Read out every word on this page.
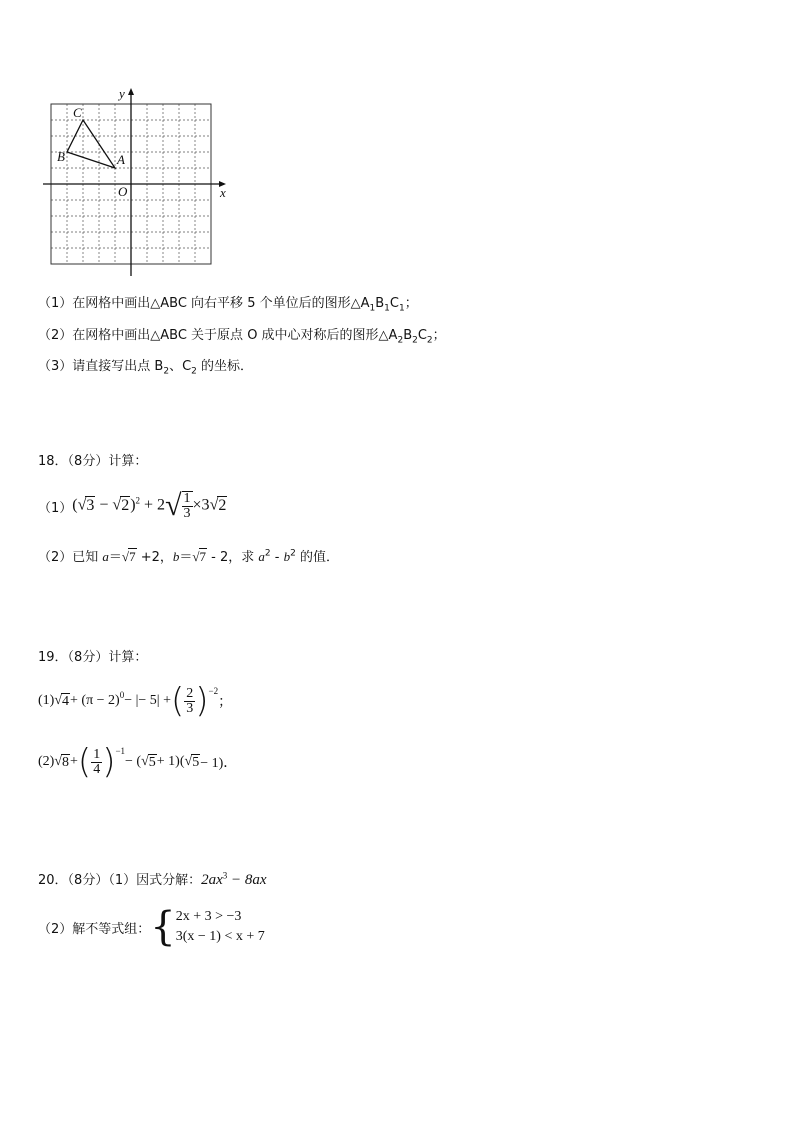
y
x
O
A
B
C
（1）在网格中画出△ABC 向右平移 5 个单位后的图形$\triangle A_1B_1C_1$；
（2）在网格中画出△ABC 关于原点 O 成中心对称后的图形$\triangle A_2B_2C_2$；
（3）请直接写出点 $B_2$、$C_2$ 的坐标．
18．（8分）计算：
（1） $(√3 - √2)^2 + 2√ \frac{1}{3} \times 3√2$
（2）已知 a＝√7 +2，b＝√7 - 2，求 $a^2 - b^2$ 的值．
19．（8分）计算：
(1) √ $4 + (\pi - 2)^0$ − |− 5| + ( $\frac{2}{3} )^{-2}$
；
(2) √ 8 + ( $\frac{1}{4} )^{-1}$
− ( √ 5 + 1)( √ 5 − 1)．
20．（8分）（1）因式分解：$2ax^3 - 8ax$
（2）解不等式组： { 2x + 3 > −3
3(x − 1) < x + 7
